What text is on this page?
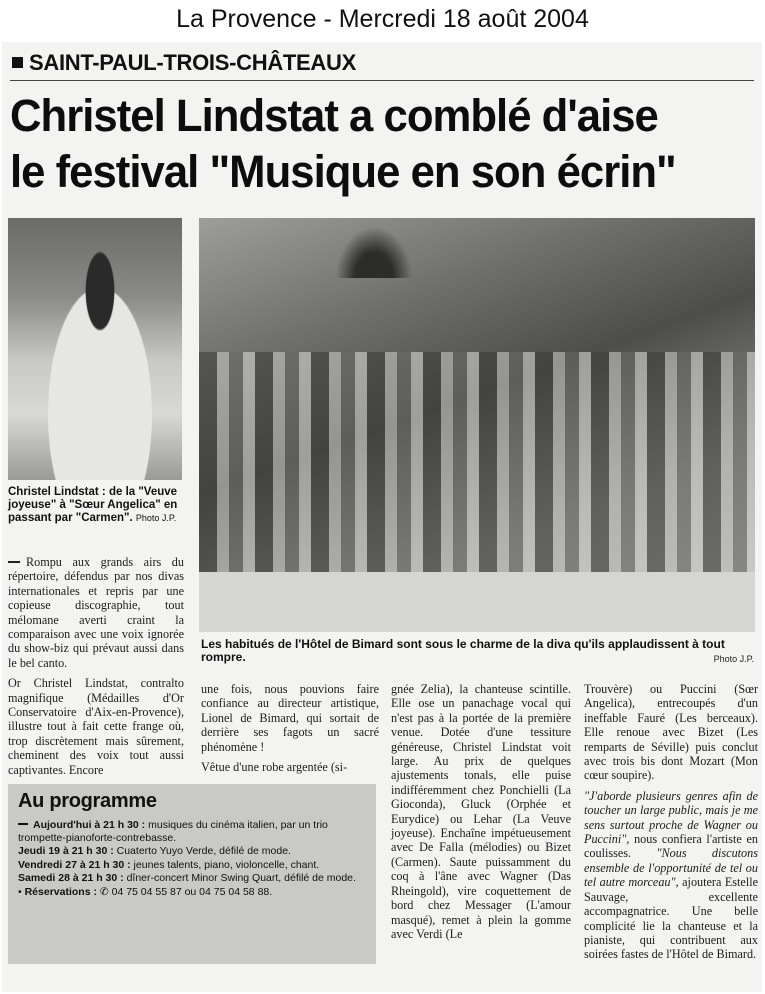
La Provence - Mercredi 18 août 2004
SAINT-PAUL-TROIS-CHÂTEAUX
Christel Lindstat a comblé d'aise
le festival "Musique en son écrin"
Christel Lindstat : de la "Veuve joyeuse" à "Sœur Angelica" en passant par "Carmen". Photo J.P.
Les habitués de l'Hôtel de Bimard sont sous le charme de la diva qu'ils applaudissent à tout rompre.	Photo J.P.

Rompu aux grands airs du répertoire, défendus par nos divas internationales et repris par une copieuse discographie, tout mélomane averti craint la comparaison avec une voix ignorée du show-biz qui prévaut aussi dans le bel canto.

Or Christel Lindstat, contralto magnifique (Médailles d'Or Conservatoire d'Aix-en-Provence), illustre tout à fait cette frange où, trop discrètement mais sûrement, cheminent des voix tout aussi captivantes. Encore

une fois, nous pouvions faire confiance au directeur artistique, Lionel de Bimard, qui sortait de derrière ses fagots un sacré phénomène !

Vêtue d'une robe argentée (si-

gnée Zelia), la chanteuse scintille. Elle ose un panachage vocal qui n'est pas à la portée de la première venue. Dotée d'une tessiture généreuse, Christel Lindstat voit large. Au prix de quelques ajustements tonals, elle puise indifféremment chez Ponchielli (La Gioconda), Gluck (Orphée et Eurydice) ou Lehar (La Veuve joyeuse). Enchaîne impétueusement avec De Falla (mélodies) ou Bizet (Carmen). Saute puissamment du coq à l'âne avec Wagner (Das Rheingold), vire coquettement de bord chez Messager (L'amour masqué), remet à plein la gomme avec Verdi (Le

Trouvère) ou Puccini (Sœr Angelica), entrecoupés d'un ineffable Fauré (Les berceaux). Elle renoue avec Bizet (Les remparts de Séville) puis conclut avec trois bis dont Mozart (Mon cœur soupire).

"J'aborde plusieurs genres afin de toucher un large public, mais je me sens surtout proche de Wagner ou Puccini", nous confiera l'artiste en coulisses. "Nous discutons ensemble de l'opportunité de tel ou tel autre morceau", ajoutera Estelle Sauvage, excellente accompagnatrice. Une belle complicité lie la chanteuse et la pianiste, qui contribuent aux soirées fastes de l'Hôtel de Bimard.

Au programme
Aujourd'hui à 21 h 30 : musiques du cinéma italien, par un trio trompette-pianoforte-contrebasse.
Jeudi 19 à 21 h 30 : Cuaterto Yuyo Verde, défilé de mode.
Vendredi 27 à 21 h 30 : jeunes talents, piano, violoncelle, chant.
Samedi 28 à 21 h 30 : dîner-concert Minor Swing Quart, défilé de mode.
• Réservations : ✆ 04 75 04 55 87 ou 04 75 04 58 88.
